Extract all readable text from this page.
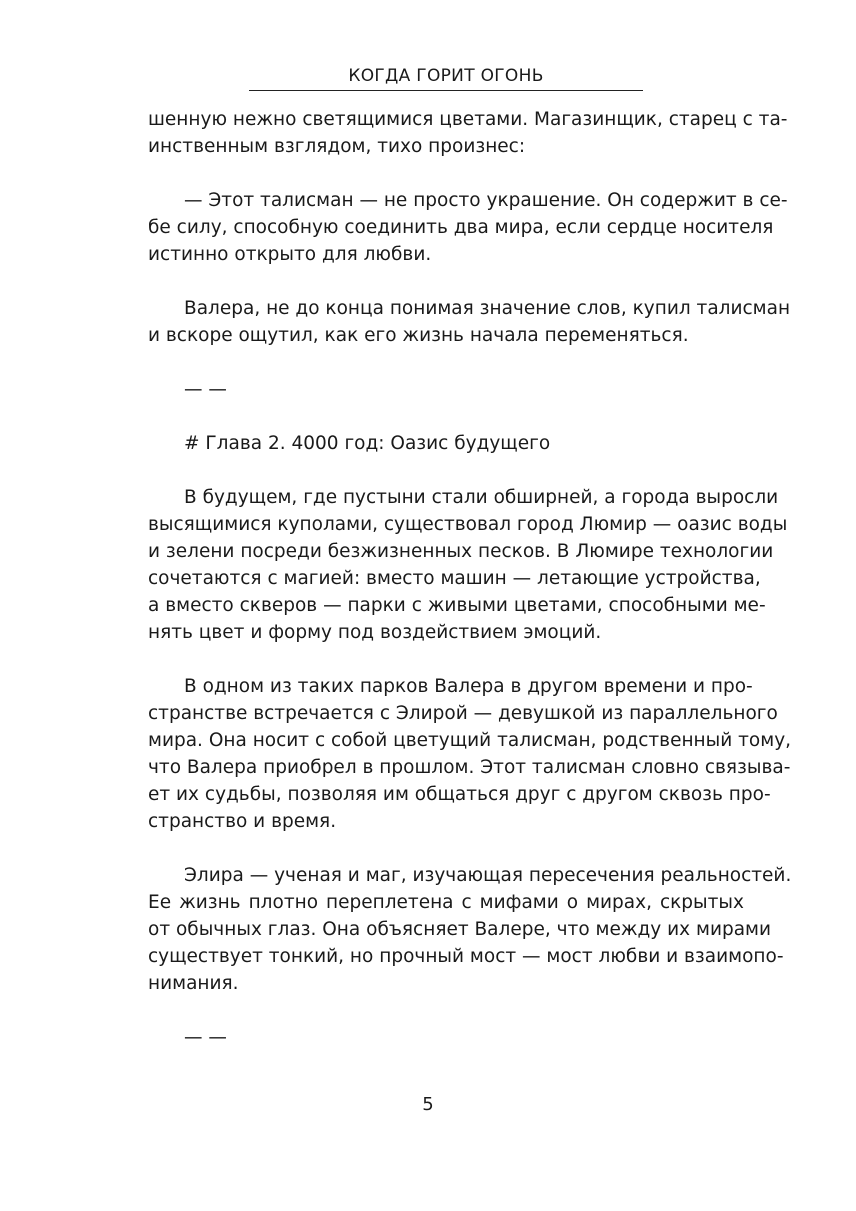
КОГДА ГОРИТ ОГОНЬ
шенную нежно светящимися цветами. Магазинщик, старец с та-
инственным взглядом, тихо произнес:
— Этот талисман — не просто украшение. Он содержит в се-
бе силу, способную соединить два мира, если сердце носителя
истинно открыто для любви.
Валера, не до конца понимая значение слов, купил талисман
и вскоре ощутил, как его жизнь начала переменяться.
— —
# Глава 2. 4000 год: Оазис будущего
В будущем, где пустыни стали обширней, а города выросли
высящимися куполами, существовал город Люмир — оазис воды
и зелени посреди безжизненных песков. В Люмире технологии
сочетаются с магией: вместо машин — летающие устройства,
а вместо скверов — парки с живыми цветами, способными ме-
нять цвет и форму под воздействием эмоций.
В одном из таких парков Валера в другом времени и про-
странстве встречается с Элирой — девушкой из параллельного
мира. Она носит с собой цветущий талисман, родственный тому,
что Валера приобрел в прошлом. Этот талисман словно связыва-
ет их судьбы, позволяя им общаться друг с другом сквозь про-
странство и время.
Элира — ученая и маг, изучающая пересечения реальностей.
Ее жизнь плотно переплетена с мифами о мирах, скрытых
от обычных глаз. Она объясняет Валере, что между их мирами
существует тонкий, но прочный мост — мост любви и взаимопо-
нимания.
— —
5
